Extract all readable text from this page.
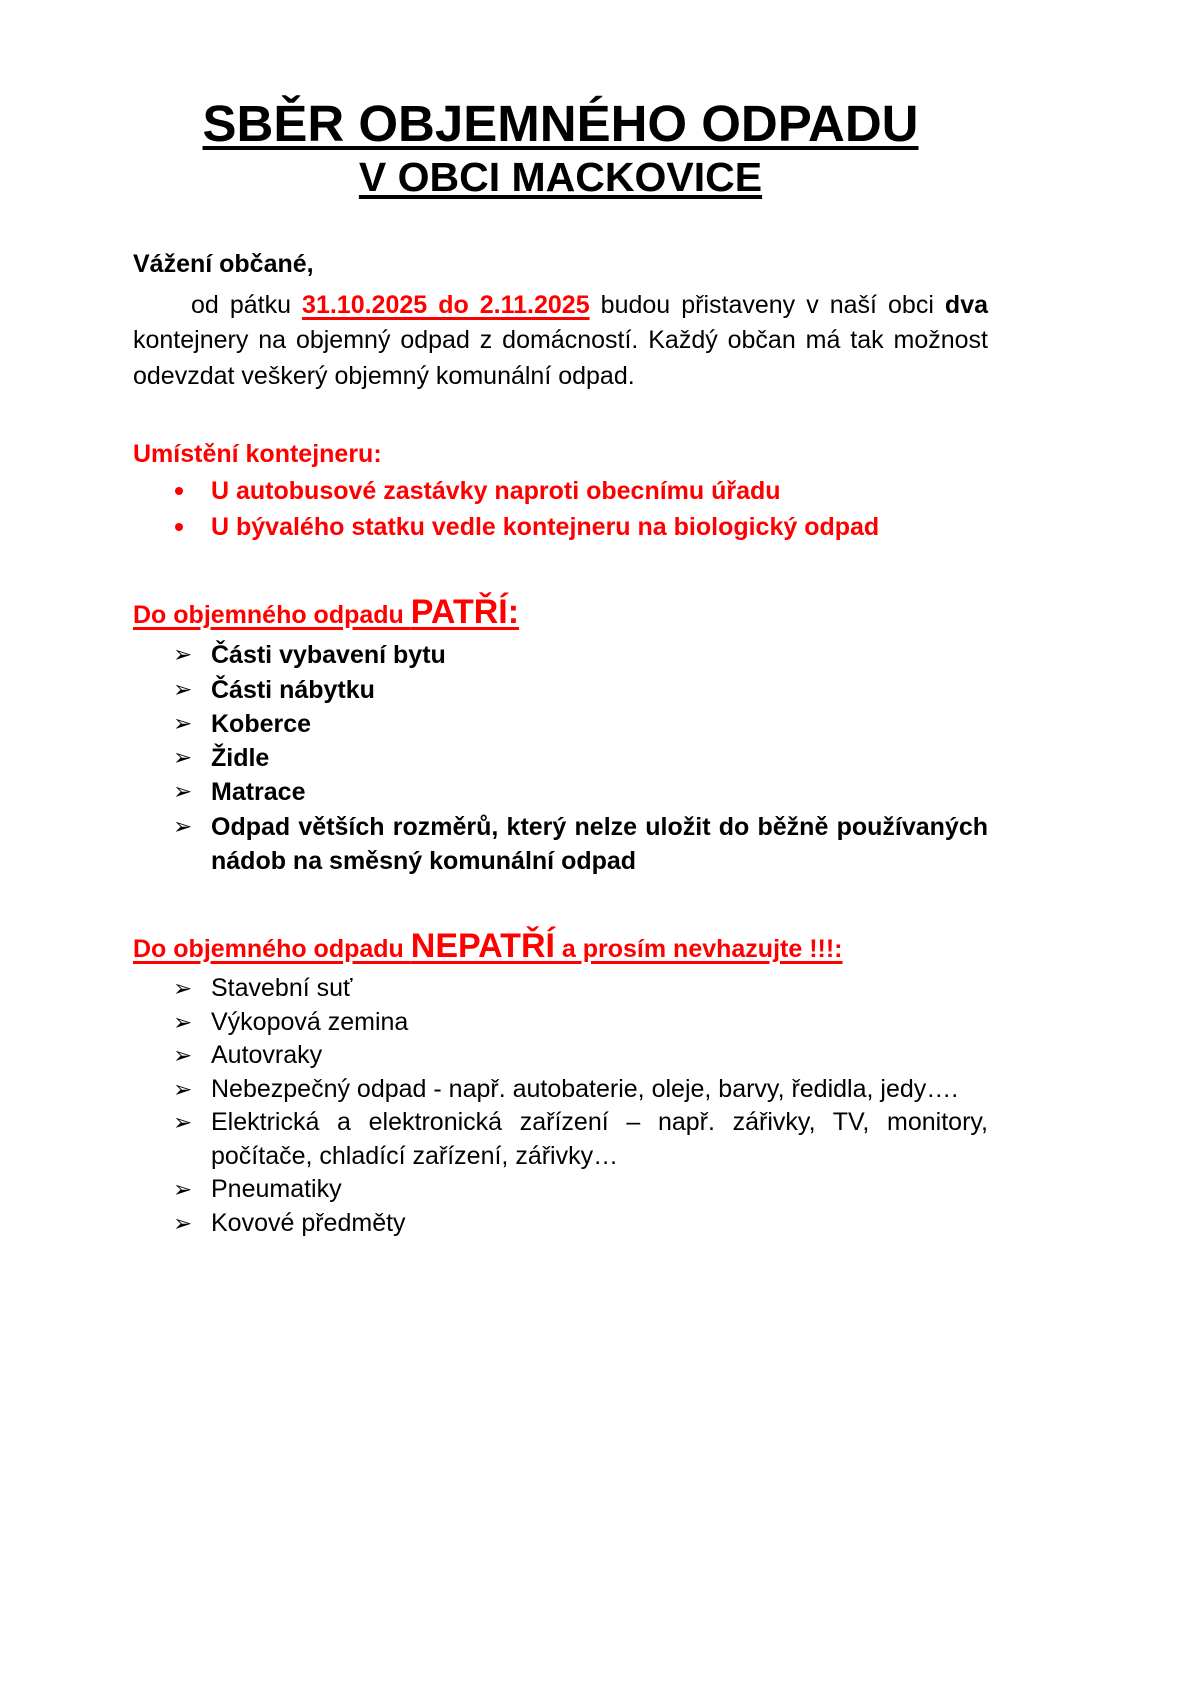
SBĚR OBJEMNÉHO ODPADU
V OBCI MACKOVICE
Vážení občané,

od pátku 31.10.2025 do 2.11.2025 budou přistaveny v naší obci dva kontejnery na objemný odpad z domácností. Každý občan má tak možnost odevzdat veškerý objemný komunální odpad.

Umístění kontejneru:
U autobusové zastávky naproti obecnímu úřadu
U bývalého statku vedle kontejneru na biologický odpad
Do objemného odpadu PATŘÍ:
➢ Části vybavení bytu
➢ Části nábytku
➢ Koberce
➢ Židle
➢ Matrace
➢ Odpad větších rozměrů, který nelze uložit do běžně používaných nádob na směsný komunální odpad
Do objemného odpadu NEPATŘÍ a prosím nevhazujte !!!:
➢ Stavební suť
➢ Výkopová zemina
➢ Autovraky
➢ Nebezpečný odpad - např. autobaterie, oleje, barvy, ředidla, jedy….
➢ Elektrická a elektronická zařízení – např. zářivky, TV, monitory, počítače, chladící zařízení, zářivky…
➢ Pneumatiky
➢ Kovové předměty
